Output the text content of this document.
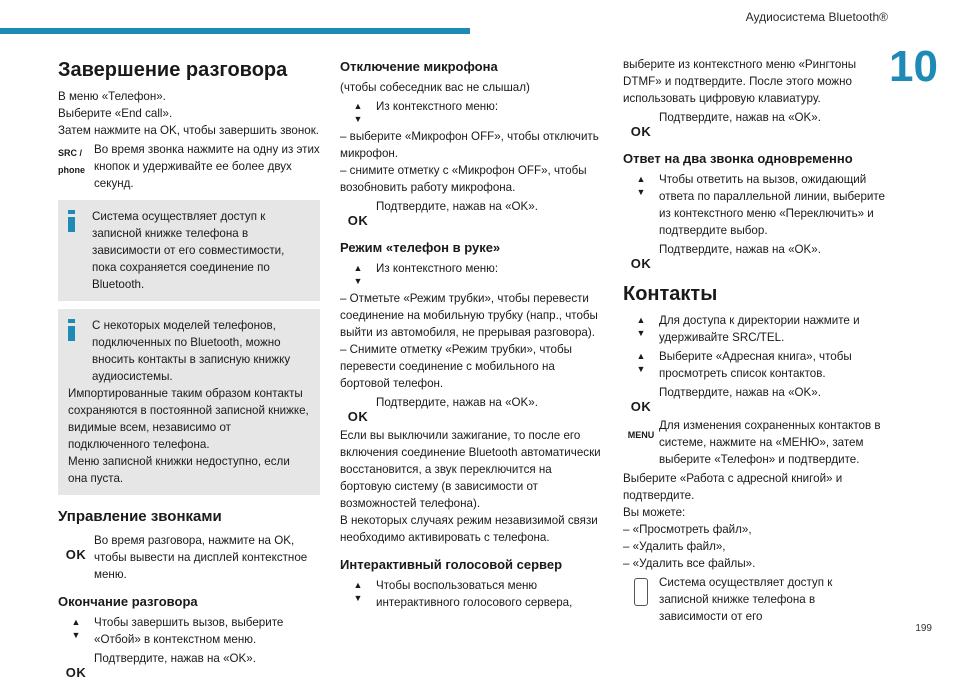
Аудиосистема Bluetooth®
10
199
Завершение разговора

В меню «Телефон».

Выберите «End call».

Затем нажмите на OK, чтобы завершить звонок.

SRC / phone
Во время звонка нажмите на одну из этих кнопок и удерживайте ее более двух секунд.

Система осуществляет доступ к записной книжке телефона в зависимости от его совместимости, пока сохраняется соединение по Bluetooth.

С некоторых моделей телефонов, подключенных по Bluetooth, можно вносить контакты в записную книжку аудиосистемы.

Импортированные таким образом контакты сохраняются в постоянной записной книжке, видимые всем, независимо от подключенного телефона.

Меню записной книжки недоступно, если она пуста.

Управление звонками
OK
Во время разговора, нажмите на OK, чтобы вывести на дисплей контекстное меню.
Окончание разговора
▲
▼
Чтобы завершить вызов, выберите «Отбой» в контекстном меню.
OK
Подтвердите, нажав на «OK».
Отключение микрофона

(чтобы собеседник вас не слышал)

▲
▼
Из контекстного меню:

– выберите «Микрофон OFF», чтобы отключить микрофон.

– снимите отметку с «Микрофон OFF», чтобы возобновить работу микрофона.

OK
Подтвердите, нажав на «OK».
Режим «телефон в руке»
▲
▼
Из контекстного меню:

– Отметьте «Режим трубки», чтобы перевести соединение на мобильную трубку (напр., чтобы выйти из автомобиля, не прерывая разговора).

– Снимите отметку «Режим трубки», чтобы перевести соединение с мобильного на бортовой телефон.

OK
Подтвердите, нажав на «OK».

Если вы выключили зажигание, то после его включения соединение Bluetooth автоматически восстановится, а звук переключится на бортовую систему (в зависимости от возможностей телефона).

В некоторых случаях режим незавизимой связи необходимо активировать с телефона.

Интерактивный голосовой сервер
▲
▼
Чтобы воспользоваться меню интерактивного голосового сервера,

выберите из контекстного меню «Рингтоны DTMF» и подтвердите. После этого можно использовать цифровую клавиатуру.

OK
Подтвердите, нажав на «OK».
Ответ на два звонка одновременно
▲
▼
Чтобы ответить на вызов, ожидающий ответа по параллельной линии, выберите из контекстного меню «Переключить» и подтвердите выбор.
OK
Подтвердите, нажав на «OK».
Контакты
▲
▼
Для доступа к директории нажмите и удерживайте SRC/TEL.
▲
▼
Выберите «Адресная книга», чтобы просмотреть список контактов.
OK
Подтвердите, нажав на «OK».
MENU
Для изменения сохраненных контактов в системе, нажмите на «МЕНЮ», затем выберите «Телефон» и подтвердите.

Выберите «Работа с адресной книгой» и подтвердите.

Вы можете:

– «Просмотреть файл»,

– «Удалить файл»,

– «Удалить все файлы».

Система осуществляет доступ к записной книжке телефона в зависимости от его
